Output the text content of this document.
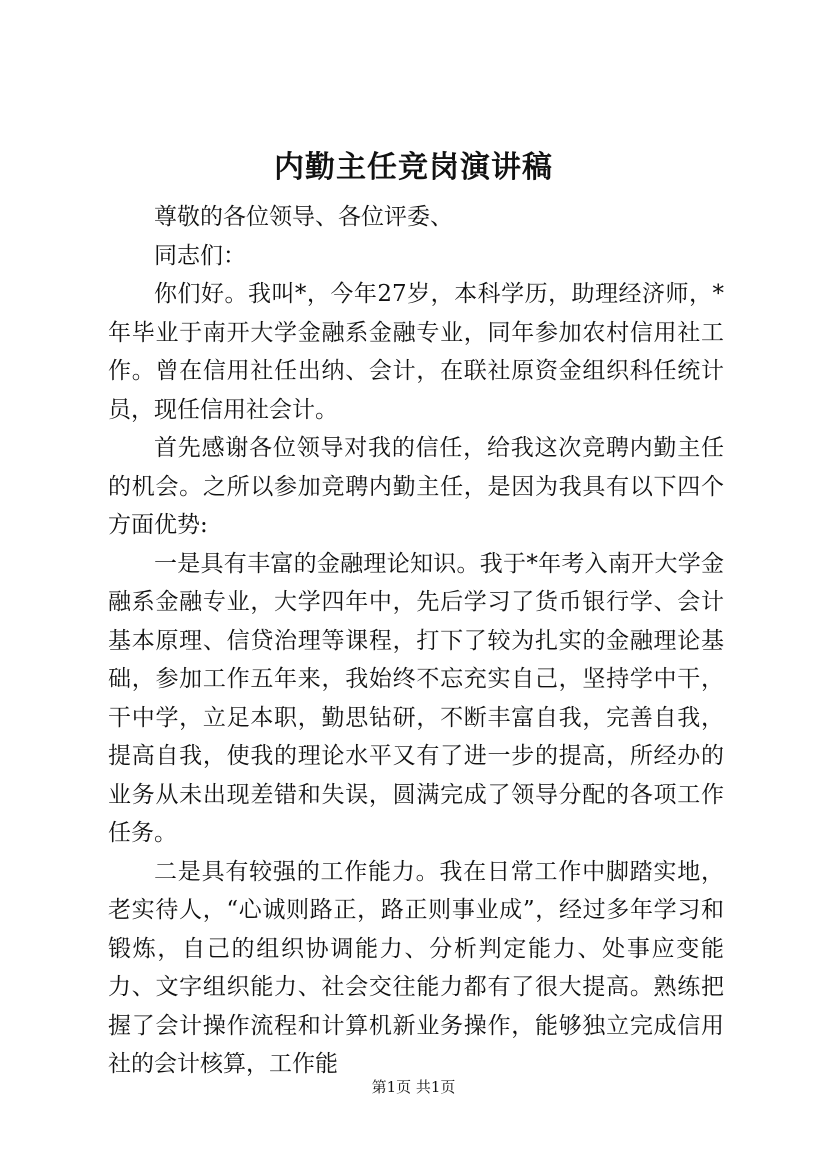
内勤主任竞岗演讲稿

尊敬的各位领导、各位评委、

同志们：

你们好。我叫*，今年27岁，本科学历，助理经济师，*年毕业于南开大学金融系金融专业，同年参加农村信用社工作。曾在信用社任出纳、会计，在联社原资金组织科任统计员，现任信用社会计。

首先感谢各位领导对我的信任，给我这次竞聘内勤主任的机会。之所以参加竞聘内勤主任，是因为我具有以下四个方面优势:

一是具有丰富的金融理论知识。我于*年考入南开大学金融系金融专业，大学四年中，先后学习了货币银行学、会计基本原理、信贷治理等课程，打下了较为扎实的金融理论基础，参加工作五年来，我始终不忘充实自己，坚持学中干，干中学，立足本职，勤思钻研，不断丰富自我，完善自我，提高自我，使我的理论水平又有了进一步的提高，所经办的业务从未出现差错和失误，圆满完成了领导分配的各项工作任务。

二是具有较强的工作能力。我在日常工作中脚踏实地，老实待人，“心诚则路正，路正则事业成”，经过多年学习和锻炼，自己的组织协调能力、分析判定能力、处事应变能力、文字组织能力、社会交往能力都有了很大提高。熟练把握了会计操作流程和计算机新业务操作，能够独立完成信用社的会计核算，工作能

第1页 共1页
